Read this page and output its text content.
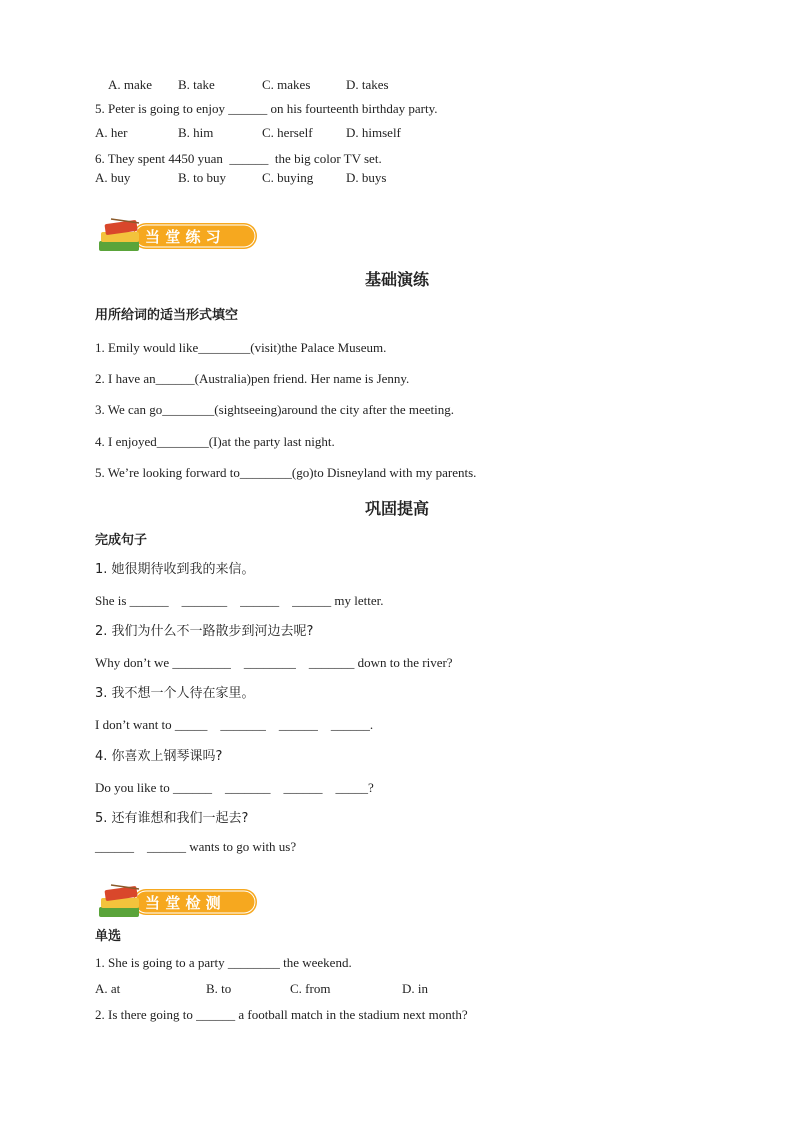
A. make B. take	C. makes	D. takes
5. Peter is going to enjoy ______ on his fourteenth birthday party.
A. her	B. him	C. herself	D. himself
6. They spent 4450 yuan  ______  the big color TV set.
A. buy	B. to buy	C. buying	D. buys
当 堂 练 习
基础演练
用所给词的适当形式填空
1. Emily would like________(visit)the Palace Museum.
2. I have an______(Australia)pen friend. Her name is Jenny.
3. We can go________(sightseeing)around the city after the meeting.
4. I enjoyed________(I)at the party last night.
5. We’re looking forward to________(go)to Disneyland with my parents.
巩固提高
完成句子
1. 她很期待收到我的来信。
She is ______    _______    ______    ______ my letter.
2. 我们为什么不一路散步到河边去呢?
Why don’t we _________    ________    _______ down to the river?
3. 我不想一个人待在家里。
I don’t want to _____    _______    ______    ______.
4. 你喜欢上钢琴课吗?
Do you like to ______    _______    ______    _____?
5. 还有谁想和我们一起去?
______    ______ wants to go with us?
当 堂 检 测
单选
1. She is going to a party ________ the weekend.
A. at	B. to	C. from	D. in
2. Is there going to ______ a football match in the stadium next month?
